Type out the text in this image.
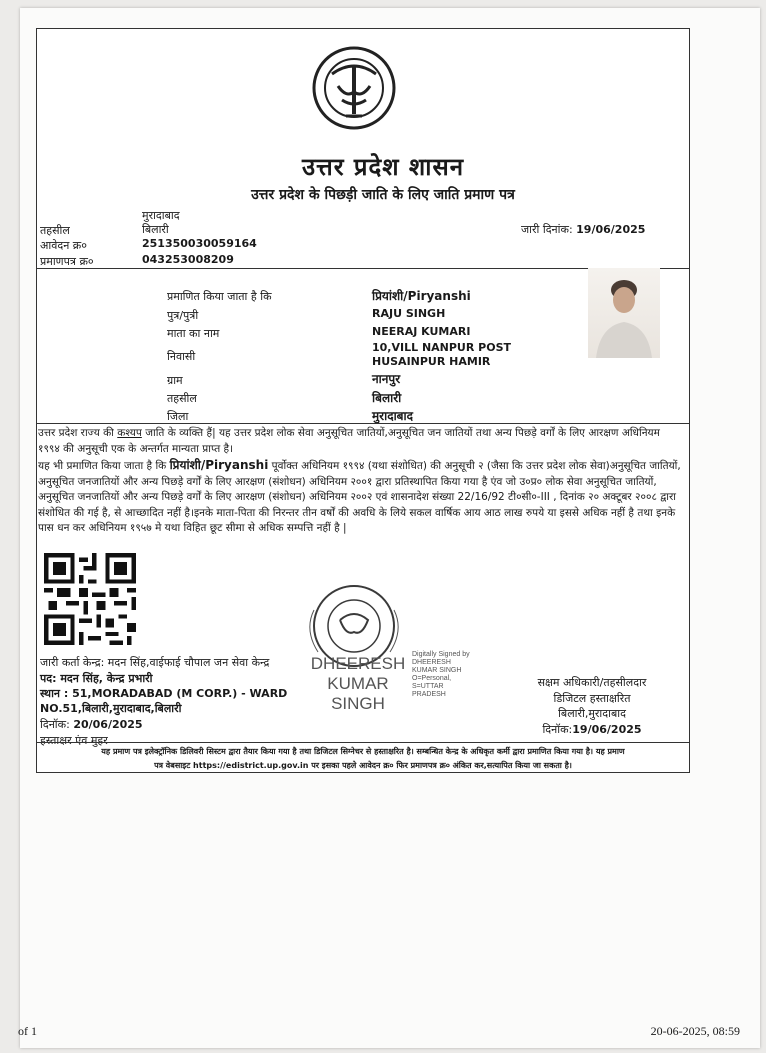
उत्तर प्रदेश शासन
उत्तर प्रदेश के पिछड़ी जाति के लिए जाति प्रमाण पत्र
मुरादाबाद
तहसील	बिलारी
आवेदन क्र०	251350030059164
प्रमाणपत्र क्र०	043253008209
जारी दिनांक: 19/06/2025
प्रमाणित किया जाता है कि	प्रियांशी/Piryanshi
पुत्र/पुत्री	RAJU SINGH
माता का नाम	NEERAJ KUMARI
निवासी
10,VILL NANPUR POST
HUSAINPUR HAMIR
ग्राम	नानपुर
तहसील	बिलारी
जिला	मुरादाबाद
उत्तर प्रदेश राज्य की कश्यप जाति के व्यक्ति हैं| यह उत्तर प्रदेश लोक सेवा अनुसूचित जातियों,अनुसूचित जन जातियों तथा अन्य पिछड़े वर्गों के लिए आरक्षण अधिनियम १९९४ की अनुसूची एक के अन्तर्गत मान्यता प्राप्त है।
यह भी प्रमाणित किया जाता है कि प्रियांशी/Piryanshi पूर्वोक्त अधिनियम १९९४ (यथा संशोधित) की अनुसूची २ (जैसा कि उत्तर प्रदेश लोक सेवा)अनुसूचित जातियों, अनुसूचित जनजातियों और अन्य पिछड़े वर्गों के लिए आरक्षण (संशोधन) अधिनियम २००१ द्वारा प्रतिस्थापित किया गया है एंव जो उ०प्र० लोक सेवा अनुसूचित जातियों, अनुसूचित जनजातियों और अन्य पिछड़े वर्गों के लिए आरक्षण (संशोधन) अधिनियम २००२ एवं शासनादेश संख्या 22/16/92 टी०सी०-III , दिनांक २० अक्टूबर २००८ द्वारा संशोधित की गई है, से आच्छादित नहीं है।इनके माता-पिता की निरन्तर तीन वर्षों की अवधि के लिये सकल वार्षिक आय आठ लाख रुपये या इससे अधिक नहीं है तथा इनके पास धन कर अधिनियम १९५७ मे यथा विहित छूट सीमा से अधिक सम्पत्ति नहीं है |
जारी कर्ता केन्द्र: मदन सिंह,वाईफाई चौपाल जन सेवा केन्द्र
पद: मदन सिंह, केन्द्र प्रभारी
स्थान : 51,MORADABAD (M CORP.) - WARD
NO.51,बिलारी,मुरादाबाद,बिलारी
दिनॉक: 20/06/2025
हस्ताक्षर एंव मुहर
DHEERESH
KUMAR
SINGH
Digitally Signed by
DHEERESH
KUMAR SINGH
O=Personal,
S=UTTAR
PRADESH
सक्षम अधिकारी/तहसीलदार
डिजिटल हस्ताक्षरित
बिलारी,मुरादाबाद
दिनॉक:19/06/2025
यह प्रमाण पत्र इलेक्ट्रॉनिक डिलिवरी सिस्टम द्वारा तैयार किया गया है तथा डिजिटल सिग्नेचर से हस्ताक्षरित है। सम्बन्धित केन्द्र के अधिकृत कर्मी द्वारा प्रमाणित किया गया है। यह प्रमाण
पत्र वेबसाइट https://edistrict.up.gov.in पर इसका पहले आवेदन क्र० फिर प्रमाणपत्र क्र० अंकित कर,सत्यापित किया जा सकता है।
of 1	20-06-2025, 08:59
